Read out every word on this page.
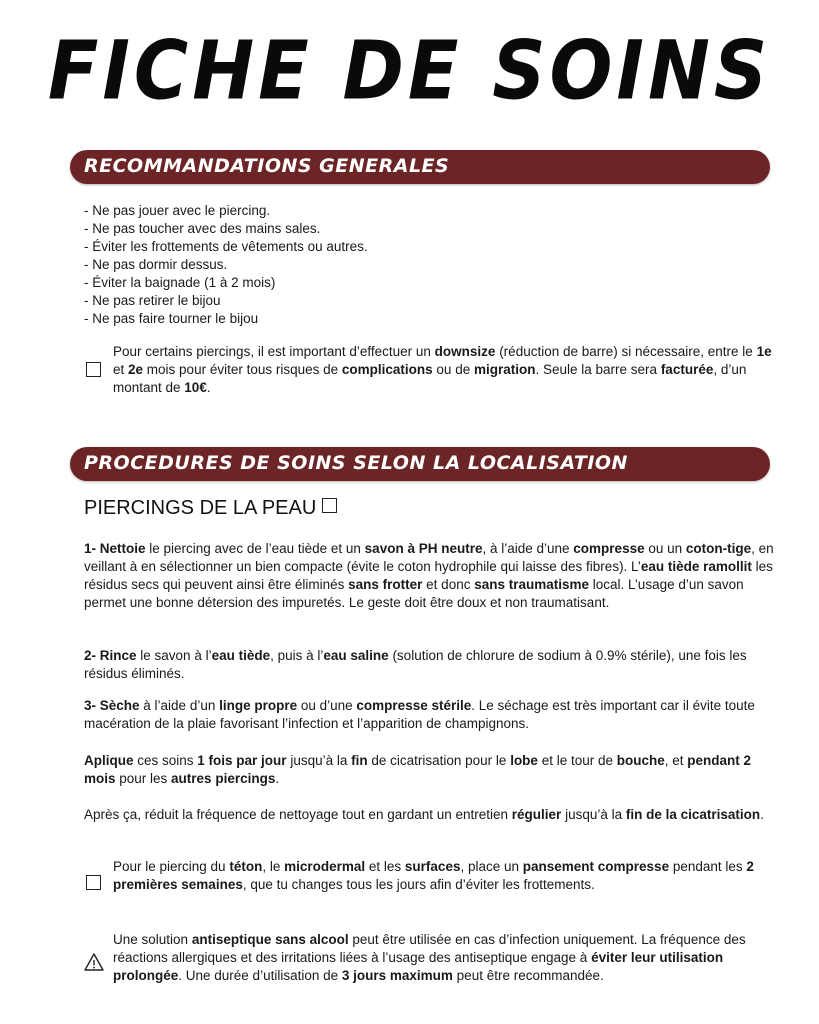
FICHE DE SOINS
RECOMMANDATIONS GENERALES
- Ne pas jouer avec le piercing.
- Ne pas toucher avec des mains sales.
- Éviter les frottements de vêtements ou autres.
- Ne pas dormir dessus.
- Éviter la baignade (1 à 2 mois)
- Ne pas retirer le bijou
- Ne pas faire tourner le bijou

Pour certains piercings, il est important d’effectuer un downsize (réduction de barre) si nécessaire, entre le 1e et 2e mois pour éviter tous risques de complications ou de migration. Seule la barre sera facturée, d’un montant de 10€.

PROCEDURES DE SOINS SELON LA LOCALISATION
PIERCINGS DE LA PEAU

1- Nettoie le piercing avec de l’eau tiède et un savon à PH neutre, à l’aide d’une compresse ou un coton-tige, en veillant à en sélectionner un bien compacte (évite le coton hydrophile qui laisse des fibres). L’eau tiède ramollit les résidus secs qui peuvent ainsi être éliminés sans frotter et donc sans traumatisme local. L’usage d’un savon permet une bonne détersion des impuretés. Le geste doit être doux et non traumatisant.

2- Rince le savon à l’eau tiède, puis à l’eau saline (solution de chlorure de sodium à 0.9% stérile), une fois les résidus éliminés.

3- Sèche à l’aide d’un linge propre ou d’une compresse stérile. Le séchage est très important car il évite toute macération de la plaie favorisant l’infection et l’apparition de champignons.

Aplique ces soins 1 fois par jour jusqu’à la fin de cicatrisation pour le lobe et le tour de bouche, et pendant 2 mois pour les autres piercings.

Après ça, réduit la fréquence de nettoyage tout en gardant un entretien régulier jusqu’à la fin de la cicatrisation.

Pour le piercing du téton, le microdermal et les surfaces, place un pansement compresse pendant les 2 premières semaines, que tu changes tous les jours afin d’éviter les frottements.

Une solution antiseptique sans alcool peut être utilisée en cas d’infection uniquement. La fréquence des réactions allergiques et des irritations liées à l’usage des antiseptique engage à éviter leur utilisation prolongée. Une durée d’utilisation de 3 jours maximum peut être recommandée.
